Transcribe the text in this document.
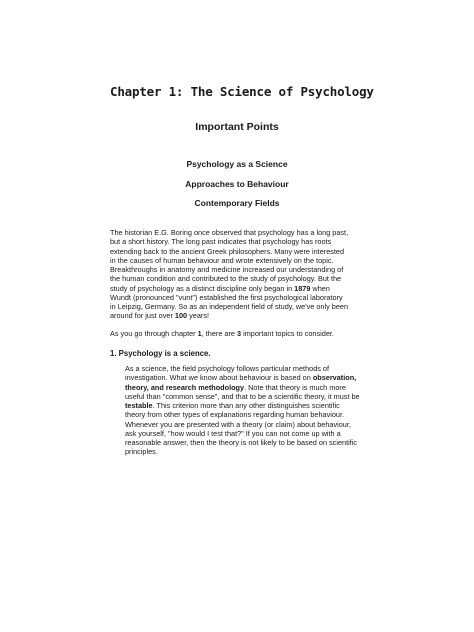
Chapter 1: The Science of Psychology
Important Points
Psychology as a Science
Approaches to Behaviour
Contemporary Fields
The historian E.G. Boring once observed that psychology has a long past,
but a short history. The long past indicates that psychology has roots
extending back to the ancient Greek philosophers. Many were interested
in the causes of human behaviour and wrote extensively on the topic.
Breakthroughs in anatomy and medicine increased our understanding of
the human condition and contributed to the study of psychology. But the
study of psychology as a distinct discipline only began in 1879 when
Wundt (pronounced "vunt") established the first psychological laboratory
in Leipzig, Germany. So as an independent field of study, we've only been
around for just over 100 years!
As you go through chapter 1, there are 3 important topics to consider.
1. Psychology is a science.
As a science, the field psychology follows particular methods of
investigation. What we know about behaviour is based on observation,
theory, and research methodology. Note that theory is much more
useful than "common sense", and that to be a scientific theory, it must be
testable. This criterion more than any other distinguishes scientific
theory from other types of explanations regarding human behaviour.
Whenever you are presented with a theory (or claim) about behaviour,
ask yourself, "how would I test that?" If you can not come up with a
reasonable answer, then the theory is not likely to be based on scientific
principles.
